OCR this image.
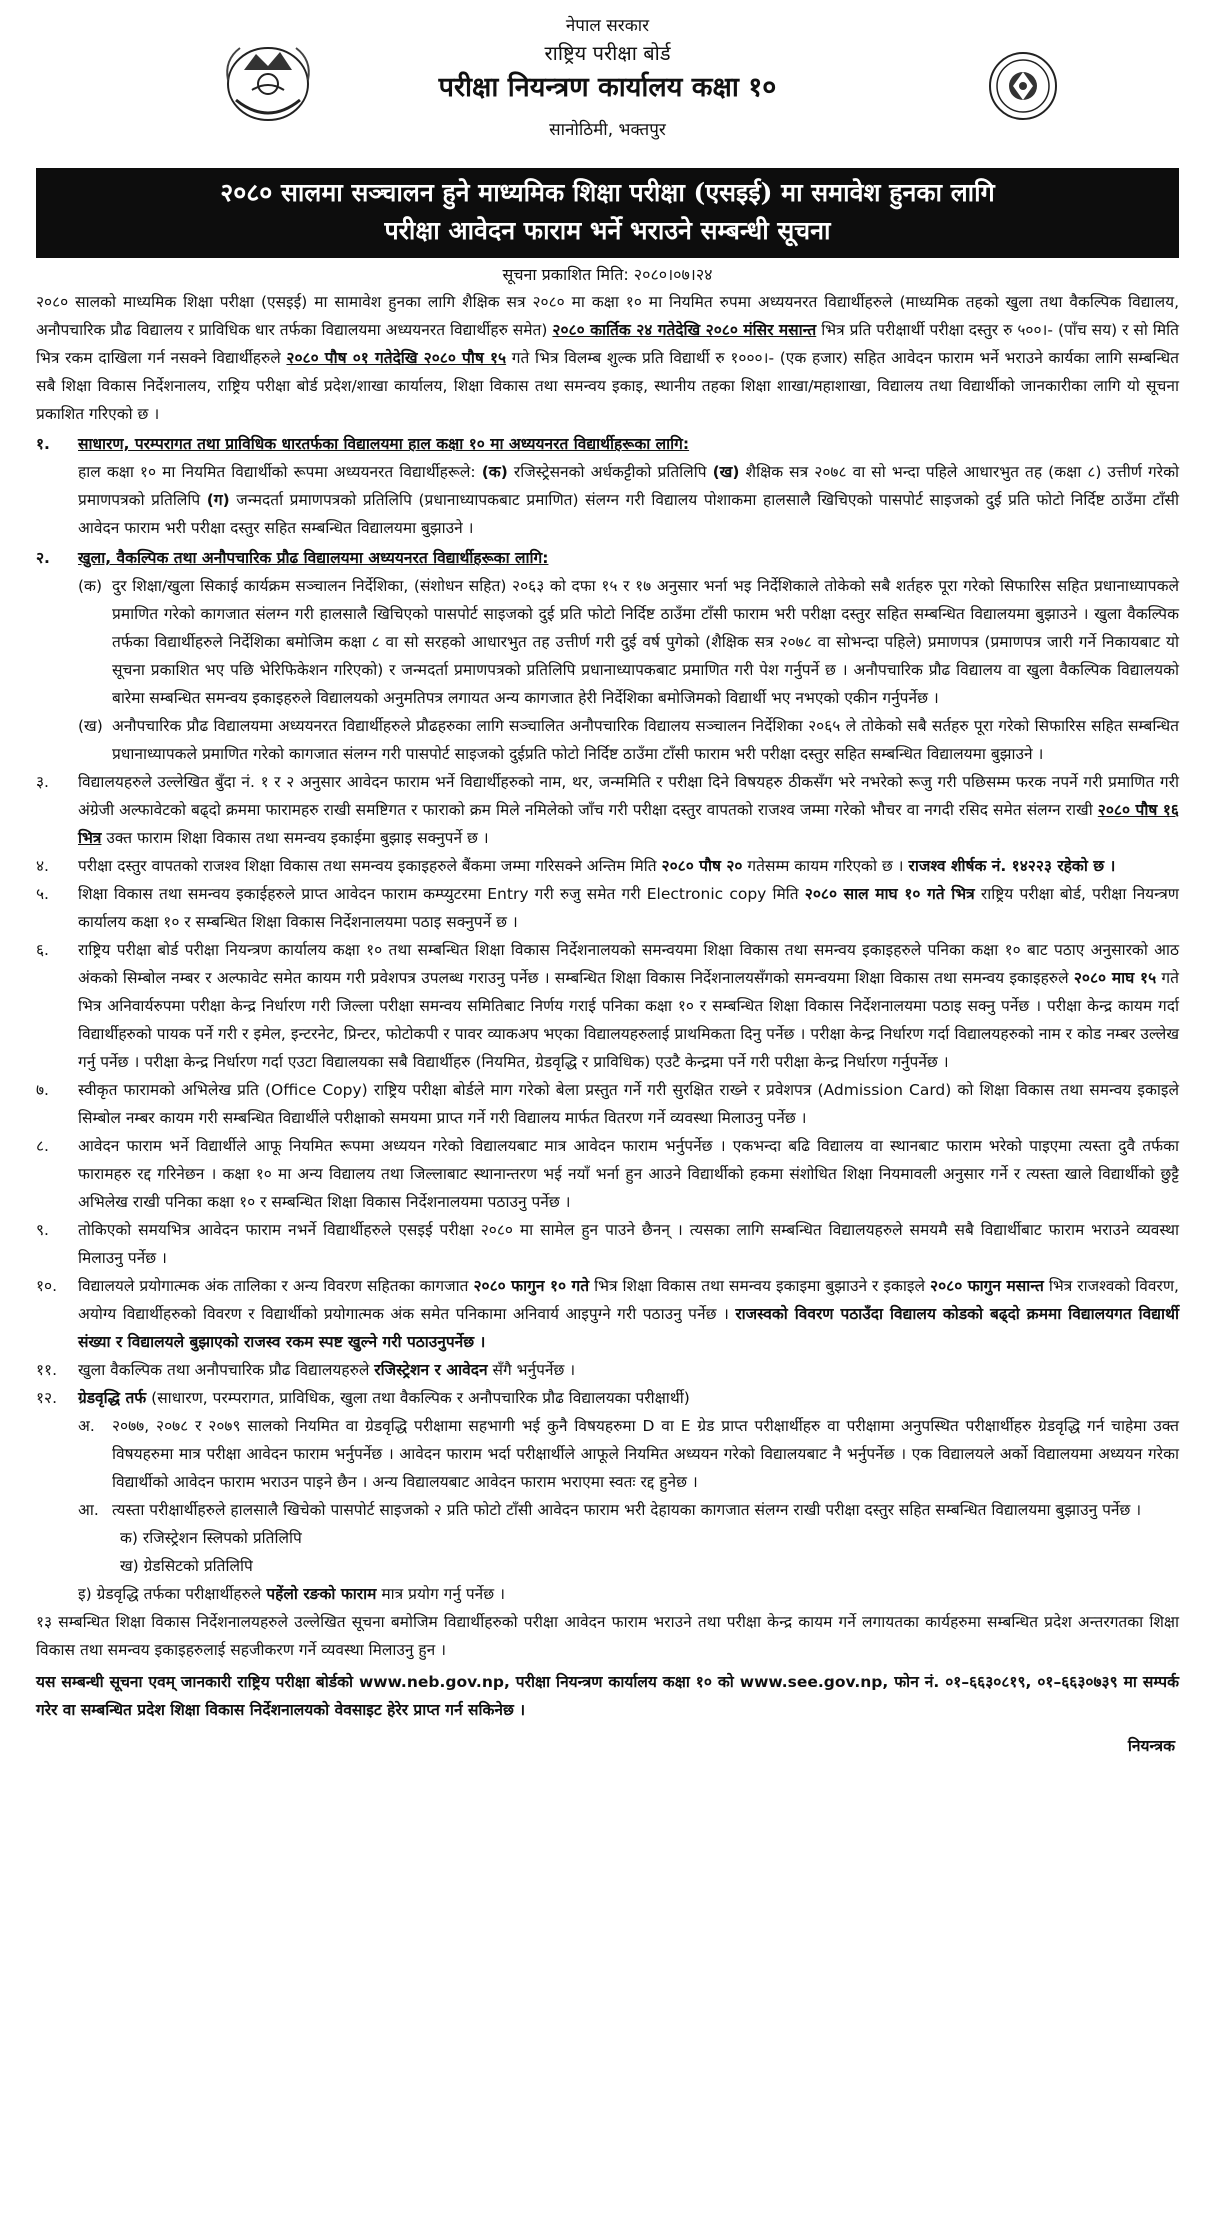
नेपाल सरकार
राष्ट्रिय परीक्षा बोर्ड
परीक्षा नियन्त्रण कार्यालय कक्षा १०
सानोठिमी, भक्तपुर
२०८० सालमा सञ्चालन हुने माध्यमिक शिक्षा परीक्षा (एसइई) मा समावेश हुनका लागि
परीक्षा आवेदन फाराम भर्ने भराउने सम्बन्धी सूचना
सूचना प्रकाशित मिति: २०८०।०७।२४
२०८० सालको माध्यमिक शिक्षा परीक्षा (एसइई) मा सामावेश हुनका लागि शैक्षिक सत्र २०८० मा कक्षा १० मा नियमित रुपमा अध्ययनरत विद्यार्थीहरुले (माध्यमिक तहको खुला तथा वैकल्पिक विद्यालय, अनौपचारिक प्रौढ विद्यालय र प्राविधिक धार तर्फका विद्यालयमा अध्ययनरत विद्यार्थीहरु समेत) २०८० कार्तिक २४ गतेदेखि २०८० मंसिर मसान्त भित्र प्रति परीक्षार्थी परीक्षा दस्तुर रु ५००।- (पाँच सय) र सो मिति भित्र रकम दाखिला गर्न नसक्ने विद्यार्थीहरुले २०८० पौष ०१ गतेदेखि २०८० पौष १५ गते भित्र विलम्ब शुल्क प्रति विद्यार्थी रु १०००।- (एक हजार) सहित आवेदन फाराम भर्ने भराउने कार्यका लागि सम्बन्धित सबै शिक्षा विकास निर्देशनालय, राष्ट्रिय परीक्षा बोर्ड प्रदेश/शाखा कार्यालय, शिक्षा विकास तथा समन्वय इकाइ, स्थानीय तहका शिक्षा शाखा/महाशाखा, विद्यालय तथा विद्यार्थीको जानकारीका लागि यो सूचना प्रकाशित गरिएको छ ।
१. साधारण, परम्परागत तथा प्राविधिक धारतर्फका विद्यालयमा हाल कक्षा १० मा अध्ययनरत विद्यार्थीहरूका लागि:
हाल कक्षा १० मा नियमित विद्यार्थीको रूपमा अध्ययनरत विद्यार्थीहरूले: (क) रजिस्ट्रेसनको अर्धकट्टीको प्रतिलिपि (ख) शैक्षिक सत्र २०७८ वा सो भन्दा पहिले आधारभुत तह (कक्षा ८) उत्तीर्ण गरेको प्रमाणपत्रको प्रतिलिपि (ग) जन्मदर्ता प्रमाणपत्रको प्रतिलिपि (प्रधानाध्यापकबाट प्रमाणित) संलग्न गरी विद्यालय पोशाकमा हालसालै खिचिएको पासपोर्ट साइजको दुई प्रति फोटो निर्दिष्ट ठाउँमा टाँसी आवेदन फाराम भरी परीक्षा दस्तुर सहित सम्बन्धित विद्यालयमा बुझाउने ।
२. खुला, वैकल्पिक तथा अनौपचारिक प्रौढ विद्यालयमा अध्ययनरत विद्यार्थीहरूका लागि:
(क) दुर शिक्षा/खुला सिकाई कार्यक्रम सञ्चालन निर्देशिका, (संशोधन सहित) २०६३ को दफा १५ र १७ अनुसार भर्ना भइ निर्देशिकाले तोकेको सबै शर्तहरु पूरा गरेको सिफारिस सहित प्रधानाध्यापकले प्रमाणित गरेको कागजात संलग्न गरी हालसालै खिचिएको पासपोर्ट साइजको दुई प्रति फोटो निर्दिष्ट ठाउँमा टाँसी फाराम भरी परीक्षा दस्तुर सहित सम्बन्धित विद्यालयमा बुझाउने । खुला वैकल्पिक तर्फका विद्यार्थीहरुले निर्देशिका बमोजिम कक्षा ८ वा सो सरहको आधारभुत तह उत्तीर्ण गरी दुई वर्ष पुगेको (शैक्षिक सत्र २०७८ वा सोभन्दा पहिले) प्रमाणपत्र (प्रमाणपत्र जारी गर्ने निकायबाट यो सूचना प्रकाशित भए पछि भेरिफिकेशन गरिएको) र जन्मदर्ता प्रमाणपत्रको प्रतिलिपि प्रधानाध्यापकबाट प्रमाणित गरी पेश गर्नुपर्ने छ । अनौपचारिक प्रौढ विद्यालय वा खुला वैकल्पिक विद्यालयको बारेमा सम्बन्धित समन्वय इकाइहरुले विद्यालयको अनुमतिपत्र लगायत अन्य कागजात हेरी निर्देशिका बमोजिमको विद्यार्थी भए नभएको एकीन गर्नुपर्नेछ ।
(ख) अनौपचारिक प्रौढ विद्यालयमा अध्ययनरत विद्यार्थीहरुले प्रौढहरुका लागि सञ्चालित अनौपचारिक विद्यालय सञ्चालन निर्देशिका २०६५ ले तोकेको सबै सर्तहरु पूरा गरेको सिफारिस सहित सम्बन्धित प्रधानाध्यापकले प्रमाणित गरेको कागजात संलग्न गरी पासपोर्ट साइजको दुईप्रति फोटो निर्दिष्ट ठाउँमा टाँसी फाराम भरी परीक्षा दस्तुर सहित सम्बन्धित विद्यालयमा बुझाउने ।
३.	विद्यालयहरुले उल्लेखित बुँदा नं. १ र २ अनुसार आवेदन फाराम भर्ने विद्यार्थीहरुको नाम, थर, जन्ममिति र परीक्षा दिने विषयहरु ठीकसँग भरे नभरेको रूजु गरी पछिसम्म फरक नपर्ने गरी प्रमाणित गरी अंग्रेजी अल्फावेटको बढ्दो क्रममा फारामहरु राखी समष्टिगत र फाराको क्रम मिले नमिलेको जाँच गरी परीक्षा दस्तुर वापतको राजश्व जम्मा गरेको भौचर वा नगदी रसिद समेत संलग्न राखी २०८० पौष १६ भित्र उक्त फाराम शिक्षा विकास तथा समन्वय इकाईमा बुझाइ सक्नुपर्ने छ ।
४.	परीक्षा दस्तुर वापतको राजश्व शिक्षा विकास तथा समन्वय इकाइहरुले बैंकमा जम्मा गरिसक्ने अन्तिम मिति २०८० पौष २० गतेसम्म कायम गरिएको छ । राजश्व शीर्षक नं. १४२२३ रहेको छ ।
५.	शिक्षा विकास तथा समन्वय इकाईहरुले प्राप्त आवेदन फाराम कम्प्युटरमा Entry गरी रुजु समेत गरी Electronic copy मिति २०८० साल माघ १० गते भित्र राष्ट्रिय परीक्षा बोर्ड, परीक्षा नियन्त्रण कार्यालय कक्षा १० र सम्बन्धित शिक्षा विकास निर्देशनालयमा पठाइ सक्नुपर्ने छ ।
६.	राष्ट्रिय परीक्षा बोर्ड परीक्षा नियन्त्रण कार्यालय कक्षा १० तथा सम्बन्धित शिक्षा विकास निर्देशनालयको समन्वयमा शिक्षा विकास तथा समन्वय इकाइहरुले पनिका कक्षा १० बाट पठाए अनुसारको आठ अंकको सिम्बोल नम्बर र अल्फावेट समेत कायम गरी प्रवेशपत्र उपलब्ध गराउनु पर्नेछ । सम्बन्धित शिक्षा विकास निर्देशनालयसँगको समन्वयमा शिक्षा विकास तथा समन्वय इकाइहरुले २०८० माघ १५ गते भित्र अनिवार्यरुपमा परीक्षा केन्द्र निर्धारण गरी जिल्ला परीक्षा समन्वय समितिबाट निर्णय गराई पनिका कक्षा १० र सम्बन्धित शिक्षा विकास निर्देशनालयमा पठाइ सक्नु पर्नेछ । परीक्षा केन्द्र कायम गर्दा विद्यार्थीहरुको पायक पर्ने गरी र इमेल, इन्टरनेट, प्रिन्टर, फोटोकपी र पावर व्याकअप भएका विद्यालयहरुलाई प्राथमिकता दिनु पर्नेछ । परीक्षा केन्द्र निर्धारण गर्दा विद्यालयहरुको नाम र कोड नम्बर उल्लेख गर्नु पर्नेछ । परीक्षा केन्द्र निर्धारण गर्दा एउटा विद्यालयका सबै विद्यार्थीहरु (नियमित, ग्रेडवृद्धि र प्राविधिक) एउटै केन्द्रमा पर्ने गरी परीक्षा केन्द्र निर्धारण गर्नुपर्नेछ ।
७.	स्वीकृत फारामको अभिलेख प्रति (Office Copy) राष्ट्रिय परीक्षा बोर्डले माग गरेको बेला प्रस्तुत गर्ने गरी सुरक्षित राख्ने र प्रवेशपत्र (Admission Card) को शिक्षा विकास तथा समन्वय इकाइले सिम्बोल नम्बर कायम गरी सम्बन्धित विद्यार्थीले परीक्षाको समयमा प्राप्त गर्ने गरी विद्यालय मार्फत वितरण गर्ने व्यवस्था मिलाउनु पर्नेछ ।
८.	आवेदन फाराम भर्ने विद्यार्थीले आफू नियमित रूपमा अध्ययन गरेको विद्यालयबाट मात्र आवेदन फाराम भर्नुपर्नेछ । एकभन्दा बढि विद्यालय वा स्थानबाट फाराम भरेको पाइएमा त्यस्ता दुवै तर्फका फारामहरु रद्द गरिनेछन । कक्षा १० मा अन्य विद्यालय तथा जिल्लाबाट स्थानान्तरण भई नयाँ भर्ना हुन आउने विद्यार्थीको हकमा संशोधित शिक्षा नियमावली अनुसार गर्ने र त्यस्ता खाले विद्यार्थीको छुट्टै अभिलेख राखी पनिका कक्षा १० र सम्बन्धित शिक्षा विकास निर्देशनालयमा पठाउनु पर्नेछ ।
९.	तोकिएको समयभित्र आवेदन फाराम नभर्ने विद्यार्थीहरुले एसइई परीक्षा २०८० मा सामेल हुन पाउने छैनन् । त्यसका लागि सम्बन्धित विद्यालयहरुले समयमै सबै विद्यार्थीबाट फाराम भराउने व्यवस्था मिलाउनु पर्नेछ ।
१०.	विद्यालयले प्रयोगात्मक अंक तालिका र अन्य विवरण सहितका कागजात २०८० फागुन १० गते भित्र शिक्षा विकास तथा समन्वय इकाइमा बुझाउने र इकाइले २०८० फागुन मसान्त भित्र राजश्वको विवरण, अयोग्य विद्यार्थीहरुको विवरण र विद्यार्थीको प्रयोगात्मक अंक समेत पनिकामा अनिवार्य आइपुग्ने गरी पठाउनु पर्नेछ । राजस्वको विवरण पठाउँदा विद्यालय कोडको बढ्दो क्रममा विद्यालयगत विद्यार्थी संख्या र विद्यालयले बुझाएको राजस्व रकम स्पष्ट खुल्ने गरी पठाउनुपर्नेछ ।
११.	खुला वैकल्पिक तथा अनौपचारिक प्रौढ विद्यालयहरुले रजिस्ट्रेशन र आवेदन सँगै भर्नुपर्नेछ ।
१२.	ग्रेडवृद्धि तर्फ (साधारण, परम्परागत, प्राविधिक, खुला तथा वैकल्पिक र अनौपचारिक प्रौढ विद्यालयका परीक्षार्थी)
अ.	२०७७, २०७८ र २०७९ सालको नियमित वा ग्रेडवृद्धि परीक्षामा सहभागी भई कुनै विषयहरुमा D वा E ग्रेड प्राप्त परीक्षार्थीहरु वा परीक्षामा अनुपस्थित परीक्षार्थीहरु ग्रेडवृद्धि गर्न चाहेमा उक्त विषयहरुमा मात्र परीक्षा आवेदन फाराम भर्नुपर्नेछ । आवेदन फाराम भर्दा परीक्षार्थीले आफूले नियमित अध्ययन गरेको विद्यालयबाट नै भर्नुपर्नेछ । एक विद्यालयले अर्को विद्यालयमा अध्ययन गरेका विद्यार्थीको आवेदन फाराम भराउन पाइने छैन । अन्य विद्यालयबाट आवेदन फाराम भराएमा स्वतः रद्द हुनेछ ।
आ. त्यस्ता परीक्षार्थीहरुले हालसालै खिचेको पासपोर्ट साइजको २ प्रति फोटो टाँसी आवेदन फाराम भरी देहायका कागजात संलग्न राखी परीक्षा दस्तुर सहित सम्बन्धित विद्यालयमा बुझाउनु पर्नेछ ।
क) रजिस्ट्रेशन स्लिपको प्रतिलिपि
ख) ग्रेडसिटको प्रतिलिपि
इ) ग्रेडवृद्धि तर्फका परीक्षार्थीहरुले पहेंलो रङको फाराम मात्र प्रयोग गर्नु पर्नेछ ।
१३ सम्बन्धित शिक्षा विकास निर्देशनालयहरुले उल्लेखित सूचना बमोजिम विद्यार्थीहरुको परीक्षा आवेदन फाराम भराउने तथा परीक्षा केन्द्र कायम गर्ने लगायतका कार्यहरुमा सम्बन्धित प्रदेश अन्तरगतका शिक्षा विकास तथा समन्वय इकाइहरुलाई सहजीकरण गर्ने व्यवस्था मिलाउनु हुन ।
यस सम्बन्धी सूचना एवम् जानकारी राष्ट्रिय परीक्षा बोर्डको www.neb.gov.np, परीक्षा नियन्त्रण कार्यालय कक्षा १० को www.see.gov.np, फोन नं. ०१–६६३०८१९, ०१–६६३०७३९ मा सम्पर्क गरेर वा सम्बन्धित प्रदेश शिक्षा विकास निर्देशनालयको वेवसाइट हेरेर प्राप्त गर्न सकिनेछ ।
नियन्त्रक
